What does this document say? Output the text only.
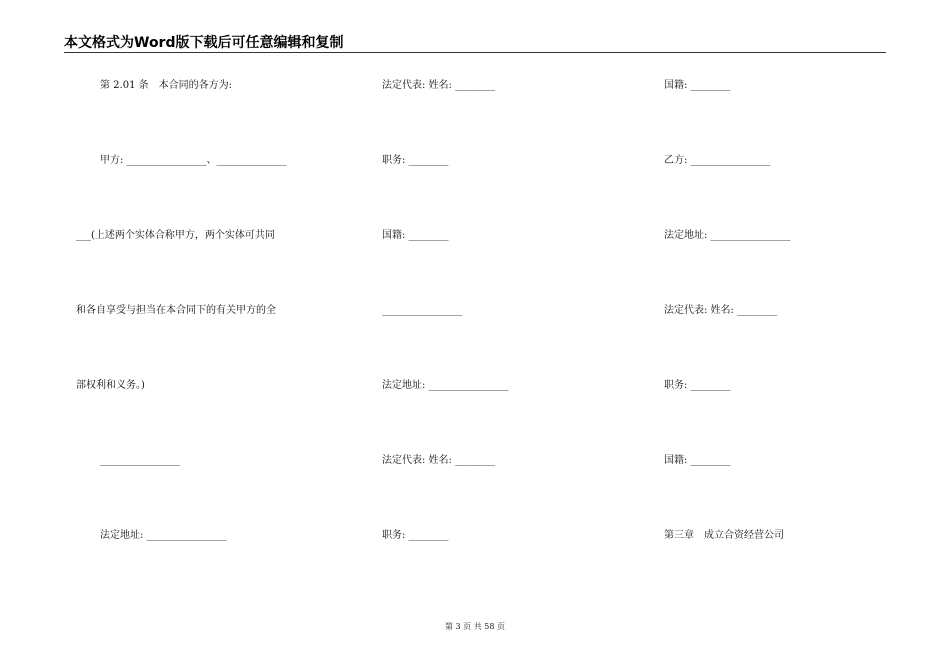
本文格式为Word版下载后可任意编辑和复制
第 2.01 条　本合同的各方为:
甲方: ________________、______________
___(上述两个实体合称甲方，两个实体可共同
和各自享受与担当在本合同下的有关甲方的全
部权利和义务。)
________________
法定地址: ________________
法定代表: 姓名: ________
职务: ________
国籍: ________
________________
法定地址: ________________
法定代表: 姓名: ________
职务: ________
国籍: ________
乙方: ________________
法定地址: ________________
法定代表: 姓名: ________
职务: ________
国籍: ________
第三章　成立合资经营公司
第 3 页 共 58 页
